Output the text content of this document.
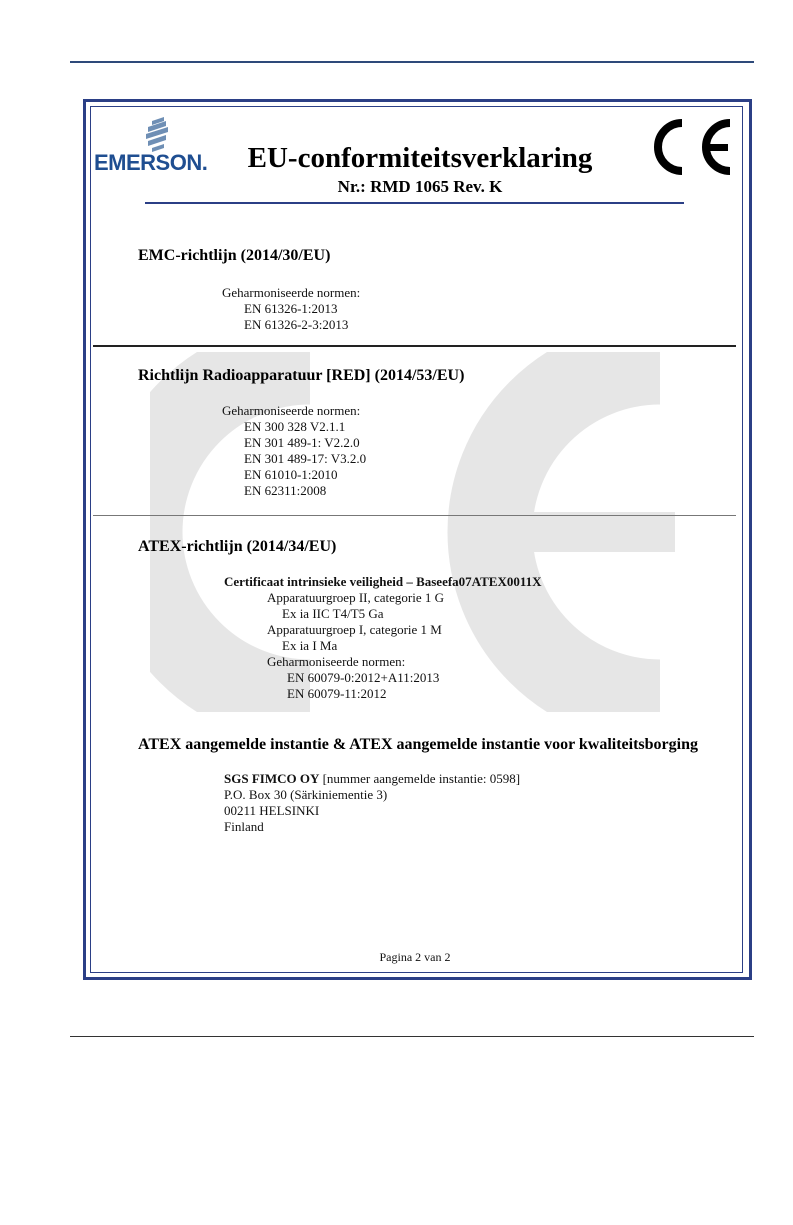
EMERSON.	EU-conformiteitsverklaring
Nr.: RMD 1065 Rev. K
EMC-richtlijn (2014/30/EU)
Geharmoniseerde normen:
EN 61326-1:2013
EN 61326-2-3:2013
Richtlijn Radioapparatuur [RED] (2014/53/EU)
Geharmoniseerde normen:
EN 300 328 V2.1.1
EN 301 489-1: V2.2.0
EN 301 489-17: V3.2.0
EN 61010-1:2010
EN 62311:2008
ATEX-richtlijn (2014/34/EU)
Certificaat intrinsieke veiligheid – Baseefa07ATEX0011X
Apparatuurgroep II, categorie 1 G
Ex ia IIC T4/T5 Ga
Apparatuurgroep I, categorie 1 M
Ex ia I Ma
Geharmoniseerde normen:
EN 60079-0:2012+A11:2013
EN 60079-11:2012
ATEX aangemelde instantie & ATEX aangemelde instantie voor kwaliteitsborging
SGS FIMCO OY [nummer aangemelde instantie: 0598]
P.O. Box 30 (Särkiniementie 3)
00211 HELSINKI
Finland
Pagina 2 van 2
